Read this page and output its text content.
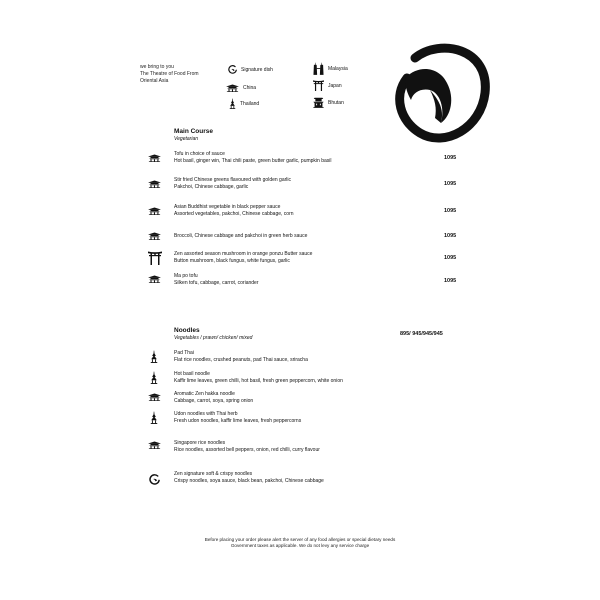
we bring to you
The Theatre of Food From
Oriental Asia
Signature dish
China
Thailand
Malaysia
Japan
Bhutan
Main Course
Vegetarian
Tofu in choice of sauce
Hot basil, ginger win, Thai chili paste, green butter garlic, pumpkin basil	1095
Stir fried Chinese greens flavoured with golden garlic
Pakchoi, Chinese cabbage, garlic	1095
Asian Buddhist vegetable in black pepper sauce
Assorted vegetables, pakchoi, Chinese cabbage, corn	1095
Broccoli, Chinese cabbage and pakchoi in green herb sauce	1095
Zen assorted season mushroom in orange ponzu Butter sauce
Button mushroom, black fungus, white fungus, garlic	1095
Ma po tofu
Silken tofu, cabbage, carrot, coriander	1095
Noodles
Vegetables / prawn/ chicken/ mixed
895/ 945/945/945
Pad Thai
Flat rice noodles, crushed peanuts, pad Thai sauce, sriracha
Hot basil noodle
Kaffir lime leaves, green chilli, hot basil, fresh green peppercorn, white onion
Aromatic Zen hakka noodle
Cabbage, carrot, soya, spring onion
Udon noodles with Thai herb
Fresh udon noodles, kaffir lime leaves, fresh peppercorns
Singapore rice noodles
Rice noodles, assorted bell peppers, onion, red chilli, curry flavour
Zen signature soft & crispy noodles
Crispy noodles, soya sauce, black bean, pakchoi, Chinese cabbage
Before placing your order please alert the server of any food allergies or special dietary needs
Government taxes as applicable. We do not levy any service charge
